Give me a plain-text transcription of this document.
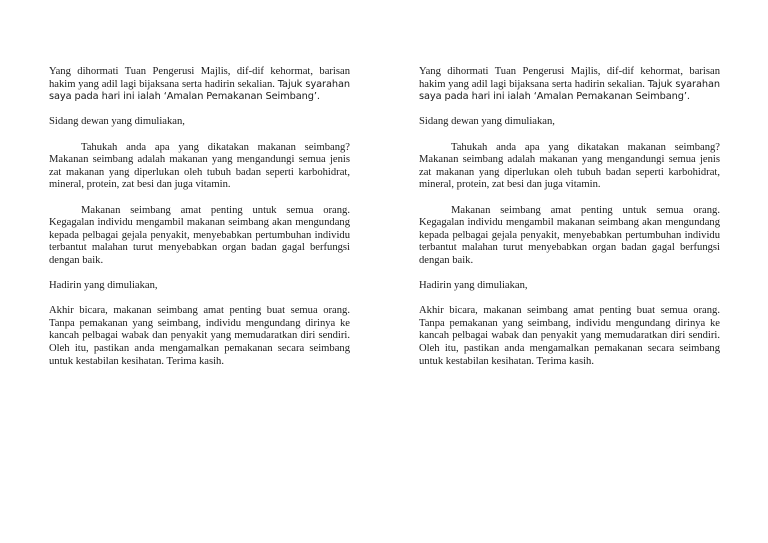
Yang dihormati Tuan Pengerusi Majlis, dif-dif kehormat, barisan hakim yang adil lagi bijaksana serta hadirin sekalian. Tajuk syarahan saya pada hari ini ialah ‘Amalan Pemakanan Seimbang’.

Sidang dewan yang dimuliakan,

Tahukah anda apa yang dikatakan makanan seimbang? Makanan seimbang adalah makanan yang mengandungi semua jenis zat makanan yang diperlukan oleh tubuh badan seperti karbohidrat, mineral, protein, zat besi dan juga vitamin.

Makanan seimbang amat penting untuk semua orang. Kegagalan individu mengambil makanan seimbang akan mengundang kepada pelbagai gejala penyakit, menyebabkan pertumbuhan individu terbantut malahan turut menyebabkan organ badan gagal berfungsi dengan baik.

Hadirin yang dimuliakan,

Akhir bicara, makanan seimbang amat penting buat semua orang. Tanpa pemakanan yang seimbang, individu mengundang dirinya ke kancah pelbagai wabak dan penyakit yang memudaratkan diri sendiri. Oleh itu, pastikan anda mengamalkan pemakanan secara seimbang untuk kestabilan kesihatan. Terima kasih.

Yang dihormati Tuan Pengerusi Majlis, dif-dif kehormat, barisan hakim yang adil lagi bijaksana serta hadirin sekalian. Tajuk syarahan saya pada hari ini ialah ‘Amalan Pemakanan Seimbang’.

Sidang dewan yang dimuliakan,

Tahukah anda apa yang dikatakan makanan seimbang? Makanan seimbang adalah makanan yang mengandungi semua jenis zat makanan yang diperlukan oleh tubuh badan seperti karbohidrat, mineral, protein, zat besi dan juga vitamin.

Makanan seimbang amat penting untuk semua orang. Kegagalan individu mengambil makanan seimbang akan mengundang kepada pelbagai gejala penyakit, menyebabkan pertumbuhan individu terbantut malahan turut menyebabkan organ badan gagal berfungsi dengan baik.

Hadirin yang dimuliakan,

Akhir bicara, makanan seimbang amat penting buat semua orang. Tanpa pemakanan yang seimbang, individu mengundang dirinya ke kancah pelbagai wabak dan penyakit yang memudaratkan diri sendiri. Oleh itu, pastikan anda mengamalkan pemakanan secara seimbang untuk kestabilan kesihatan. Terima kasih.
